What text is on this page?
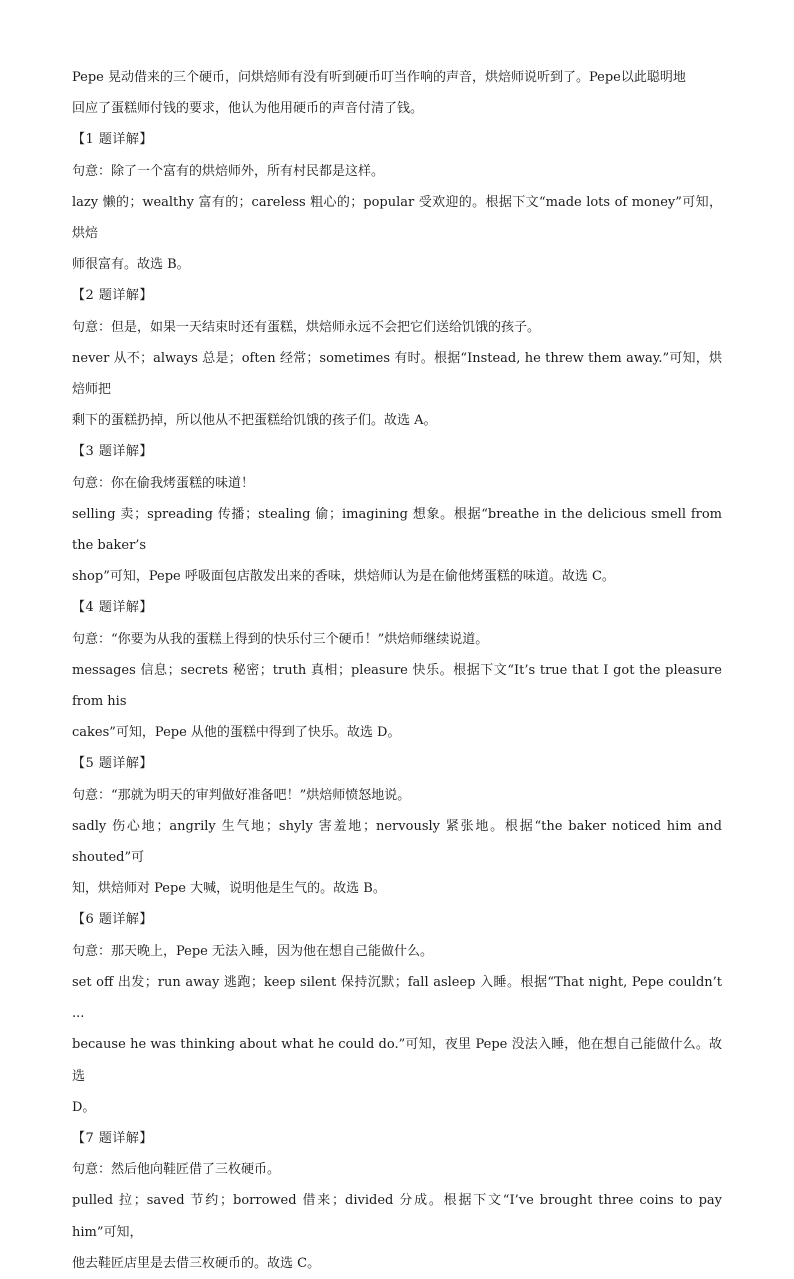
Pepe 晃动借来的三个硬币，问烘焙师有没有听到硬币叮当作响的声音，烘焙师说听到了。Pepe以此聪明地

回应了蛋糕师付钱的要求，他认为他用硬币的声音付清了钱。

【1 题详解】

句意：除了一个富有的烘焙师外，所有村民都是这样。

lazy 懒的；wealthy 富有的；careless 粗心的；popular 受欢迎的。根据下文“made lots of money”可知，烘焙

师很富有。故选 B。

【2 题详解】

句意：但是，如果一天结束时还有蛋糕，烘焙师永远不会把它们送给饥饿的孩子。

never 从不；always 总是；often 经常；sometimes 有时。根据“Instead, he threw them away.”可知，烘焙师把

剩下的蛋糕扔掉，所以他从不把蛋糕给饥饿的孩子们。故选 A。

【3 题详解】

句意：你在偷我烤蛋糕的味道！

selling 卖；spreading 传播；stealing 偷；imagining 想象。根据“breathe in the delicious smell from the baker’s

shop”可知，Pepe 呼吸面包店散发出来的香味，烘焙师认为是在偷他烤蛋糕的味道。故选 C。

【4 题详解】

句意：“你要为从我的蛋糕上得到的快乐付三个硬币！”烘焙师继续说道。

messages 信息；secrets 秘密；truth 真相；pleasure 快乐。根据下文“It’s true that I got the pleasure from his

cakes”可知，Pepe 从他的蛋糕中得到了快乐。故选 D。

【5 题详解】

句意：“那就为明天的审判做好准备吧！”烘焙师愤怒地说。

sadly 伤心地；angrily 生气地；shyly 害羞地；nervously 紧张地。根据“the baker noticed him and shouted”可

知，烘焙师对 Pepe 大喊，说明他是生气的。故选 B。

【6 题详解】

句意：那天晚上，Pepe 无法入睡，因为他在想自己能做什么。

set off 出发；run away 逃跑；keep silent 保持沉默；fall asleep 入睡。根据“That night, Pepe couldn’t ...

because he was thinking about what he could do.”可知，夜里 Pepe 没法入睡，他在想自己能做什么。故选

D。

【7 题详解】

句意：然后他向鞋匠借了三枚硬币。

pulled 拉；saved 节约；borrowed 借来；divided 分成。根据下文“I’ve brought three coins to pay him”可知，

他去鞋匠店里是去借三枚硬币的。故选 C。
